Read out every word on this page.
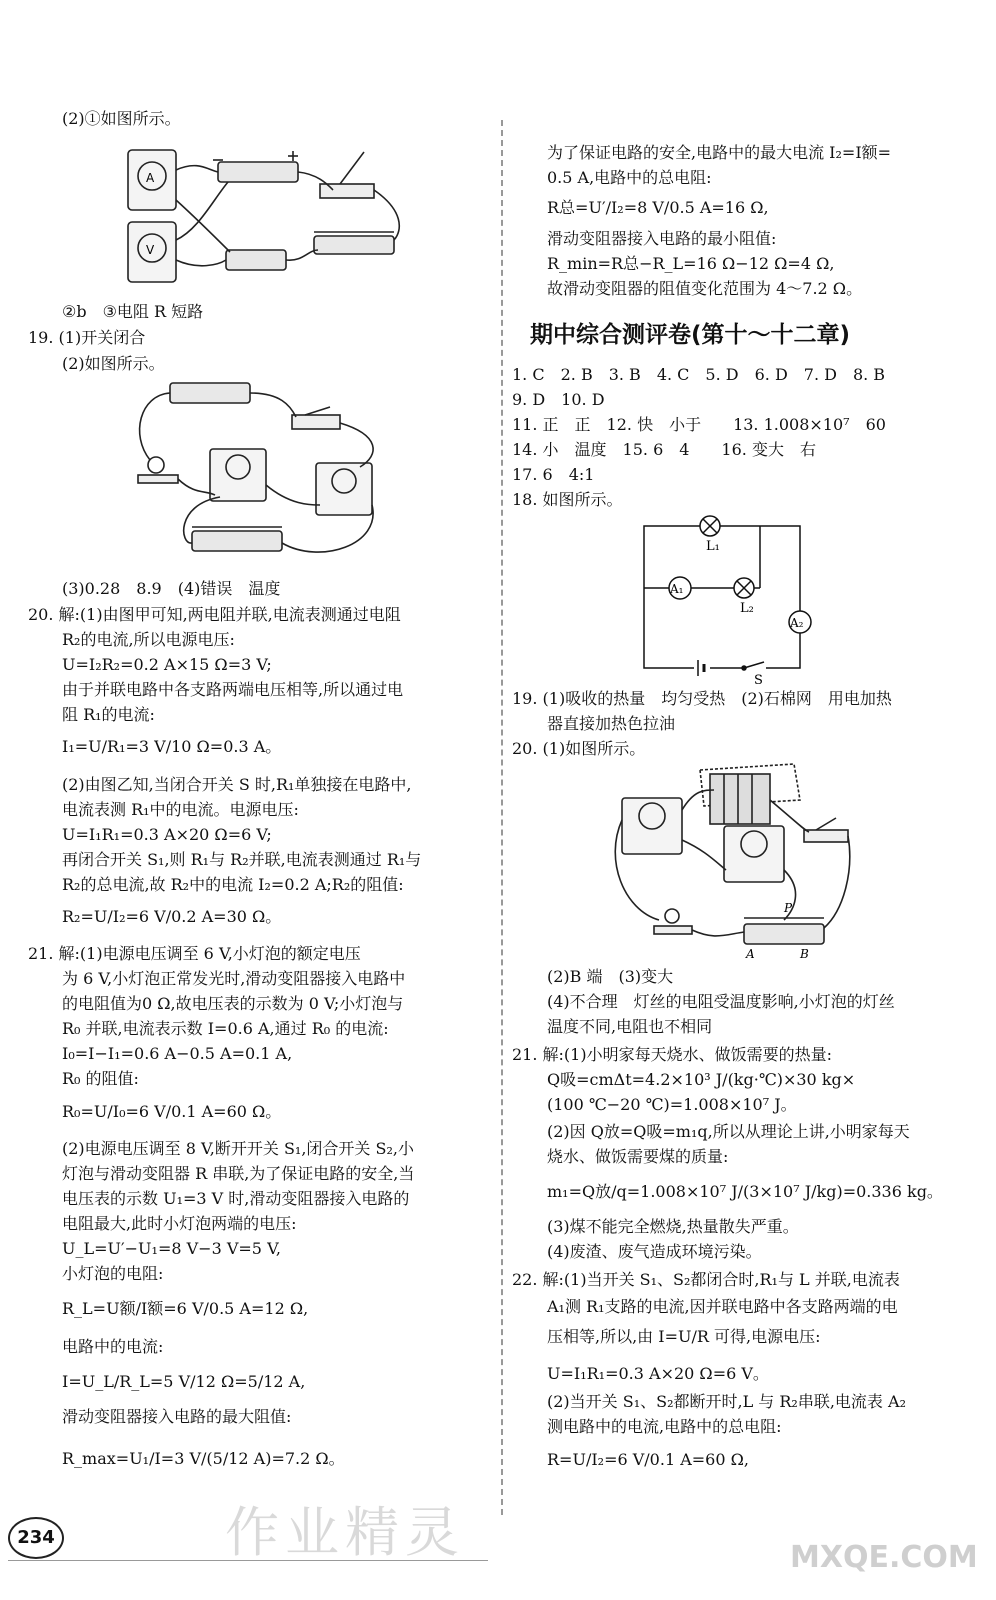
(2)①如图所示。
A
V
②b　③电阻 R 短路
19. (1)开关闭合
(2)如图所示。
(3)0.28　8.9　(4)错误　温度
20. 解:(1)由图甲可知,两电阻并联,电流表测通过电阻
R₂的电流,所以电源电压:
U=I₂R₂=0.2 A×15 Ω=3 V;
由于并联电路中各支路两端电压相等,所以通过电
阻 R₁的电流:
I₁=U/R₁=3 V/10 Ω=0.3 A。
(2)由图乙知,当闭合开关 S 时,R₁单独接在电路中,
电流表测 R₁中的电流。电源电压:
U=I₁R₁=0.3 A×20 Ω=6 V;
再闭合开关 S₁,则 R₁与 R₂并联,电流表测通过 R₁与
R₂的总电流,故 R₂中的电流 I₂=0.2 A;R₂的阻值:
R₂=U/I₂=6 V/0.2 A=30 Ω。
21. 解:(1)电源电压调至 6 V,小灯泡的额定电压
为 6 V,小灯泡正常发光时,滑动变阻器接入电路中
的电阻值为0 Ω,故电压表的示数为 0 V;小灯泡与
R₀ 并联,电流表示数 I=0.6 A,通过 R₀ 的电流:
I₀=I−I₁=0.6 A−0.5 A=0.1 A,
R₀ 的阻值:
R₀=U/I₀=6 V/0.1 A=60 Ω。
(2)电源电压调至 8 V,断开开关 S₁,闭合开关 S₂,小
灯泡与滑动变阻器 R 串联,为了保证电路的安全,当
电压表的示数 U₁=3 V 时,滑动变阻器接入电路的
电阻最大,此时小灯泡两端的电压:
U_L=U′−U₁=8 V−3 V=5 V,
小灯泡的电阻:
R_L=U额/I额=6 V/0.5 A=12 Ω,
电路中的电流:
I=U_L/R_L=5 V/12 Ω=5/12 A,
滑动变阻器接入电路的最大阻值:
R_max=U₁/I=3 V/(5/12 A)=7.2 Ω。
为了保证电路的安全,电路中的最大电流 I₂=I额=
0.5 A,电路中的总电阻:
R总=U′/I₂=8 V/0.5 A=16 Ω,
滑动变阻器接入电路的最小阻值:
R_min=R总−R_L=16 Ω−12 Ω=4 Ω,
故滑动变阻器的阻值变化范围为 4～7.2 Ω。
期中综合测评卷(第十～十二章)
1. C　2. B　3. B　4. C　5. D　6. D　7. D　8. B
9. D　10. D
11. 正　正　12. 快　小于　　13. 1.008×10⁷　60
14. 小　温度　15. 6　4　　16. 变大　右
17. 6　4:1
18. 如图所示。
L₁
A₁
L₂
A₂
S
19. (1)吸收的热量　均匀受热　(2)石棉网　用电加热
器直接加热色拉油
20. (1)如图所示。
P
A	B
(2)B 端　(3)变大
(4)不合理　灯丝的电阻受温度影响,小灯泡的灯丝
温度不同,电阻也不相同
21. 解:(1)小明家每天烧水、做饭需要的热量:
Q吸=cmΔt=4.2×10³ J/(kg·℃)×30 kg×
(100 ℃−20 ℃)=1.008×10⁷ J。
(2)因 Q放=Q吸=m₁q,所以从理论上讲,小明家每天
烧水、做饭需要煤的质量:
m₁=Q放/q=1.008×10⁷ J/(3×10⁷ J/kg)=0.336 kg。
(3)煤不能完全燃烧,热量散失严重。
(4)废渣、废气造成环境污染。
22. 解:(1)当开关 S₁、S₂都闭合时,R₁与 L 并联,电流表
A₁测 R₁支路的电流,因并联电路中各支路两端的电
压相等,所以,由 I=U/R 可得,电源电压:
U=I₁R₁=0.3 A×20 Ω=6 V。
(2)当开关 S₁、S₂都断开时,L 与 R₂串联,电流表 A₂
测电路中的电流,电路中的总电阻:
R=U/I₂=6 V/0.1 A=60 Ω,
作业精灵	MXQE.COM
234
